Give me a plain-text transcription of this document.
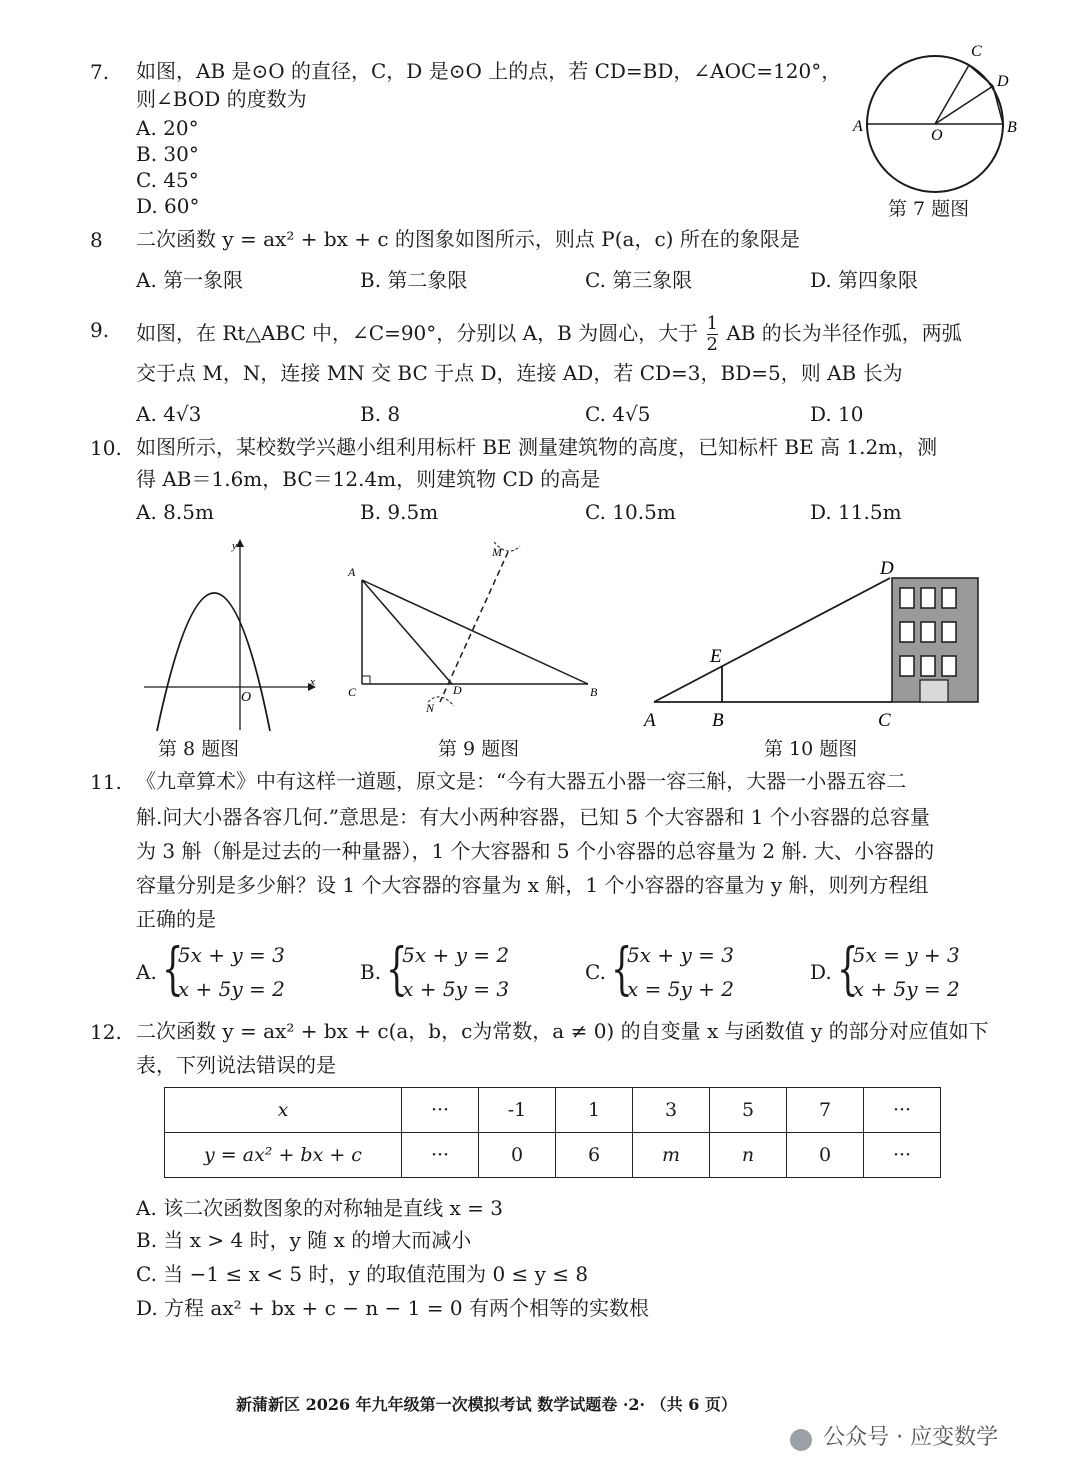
7. 如图，AB 是⊙O 的直径，C，D 是⊙O 上的点，若 CD=BD，∠AOC=120°，
则∠BOD 的度数为
A. 20°
B. 30°
C. 45°
D. 60°
A	B
C
D
O
第 7 题图
8 二次函数 y = ax² + bx + c 的图象如图所示，则点 P(a，c) 所在的象限是
A. 第一象限	B. 第二象限	C. 第三象限	D. 第四象限
9. 如图，在 Rt△ABC 中，∠C=90°，分别以 A，B 为圆心，大于 $\frac{1}{2}$ AB 的长为半径作弧，两弧
交于点 M，N，连接 MN 交 BC 于点 D，连接 AD，若 CD=3，BD=5，则 AB 长为
A. 4√3	B. 8	C. 4√5	D. 10
10. 如图所示，某校数学兴趣小组利用标杆 BE 测量建筑物的高度，已知标杆 BE 高 1.2m，测
得 AB＝1.6m，BC＝12.4m，则建筑物 CD 的高是
A. 8.5m	B. 9.5m	C. 10.5m	D. 11.5m
x
y
O
第 8 题图
A
C	B
D
M
N
第 9 题图
A	B	C
D
E
第 10 题图
11. 《九章算术》中有这样一道题，原文是：“今有大器五小器一容三斛，大器一小器五容二
斛.问大小器各容几何.”意思是：有大小两种容器，已知 5 个大容器和 1 个小容器的总容量
为 3 斛（斛是过去的一种量器），1 个大容器和 5 个小容器的总容量为 2 斛. 大、小容器的
容量分别是多少斛？设 1 个大容器的容量为 x 斛，1 个小容器的容量为 y 斛，则列方程组
正确的是
A. {
5x + y = 3
x + 5y = 2
B. {
5x + y = 2
x + 5y = 3
C. {
5x + y = 3
x = 5y + 2
D. {
5x = y + 3
x + 5y = 2
12. 二次函数 y = ax² + bx + c(a，b，c为常数，a ≠ 0) 的自变量 x 与函数值 y 的部分对应值如下
表，下列说法错误的是
x	···	-1	1	3	5	7	···
y = ax² + bx + c	···	0	6	m	n	0	···
A. 该二次函数图象的对称轴是直线 x = 3
B. 当 x > 4 时，y 随 x 的增大而减小
C. 当 −1 ≤ x < 5 时，y 的取值范围为 0 ≤ y ≤ 8
D. 方程 ax² + bx + c − n − 1 = 0 有两个相等的实数根
新蒲新区 2026 年九年级第一次模拟考试 数学试题卷 ·2· （共 6 页）
公众号 · 应变数学
